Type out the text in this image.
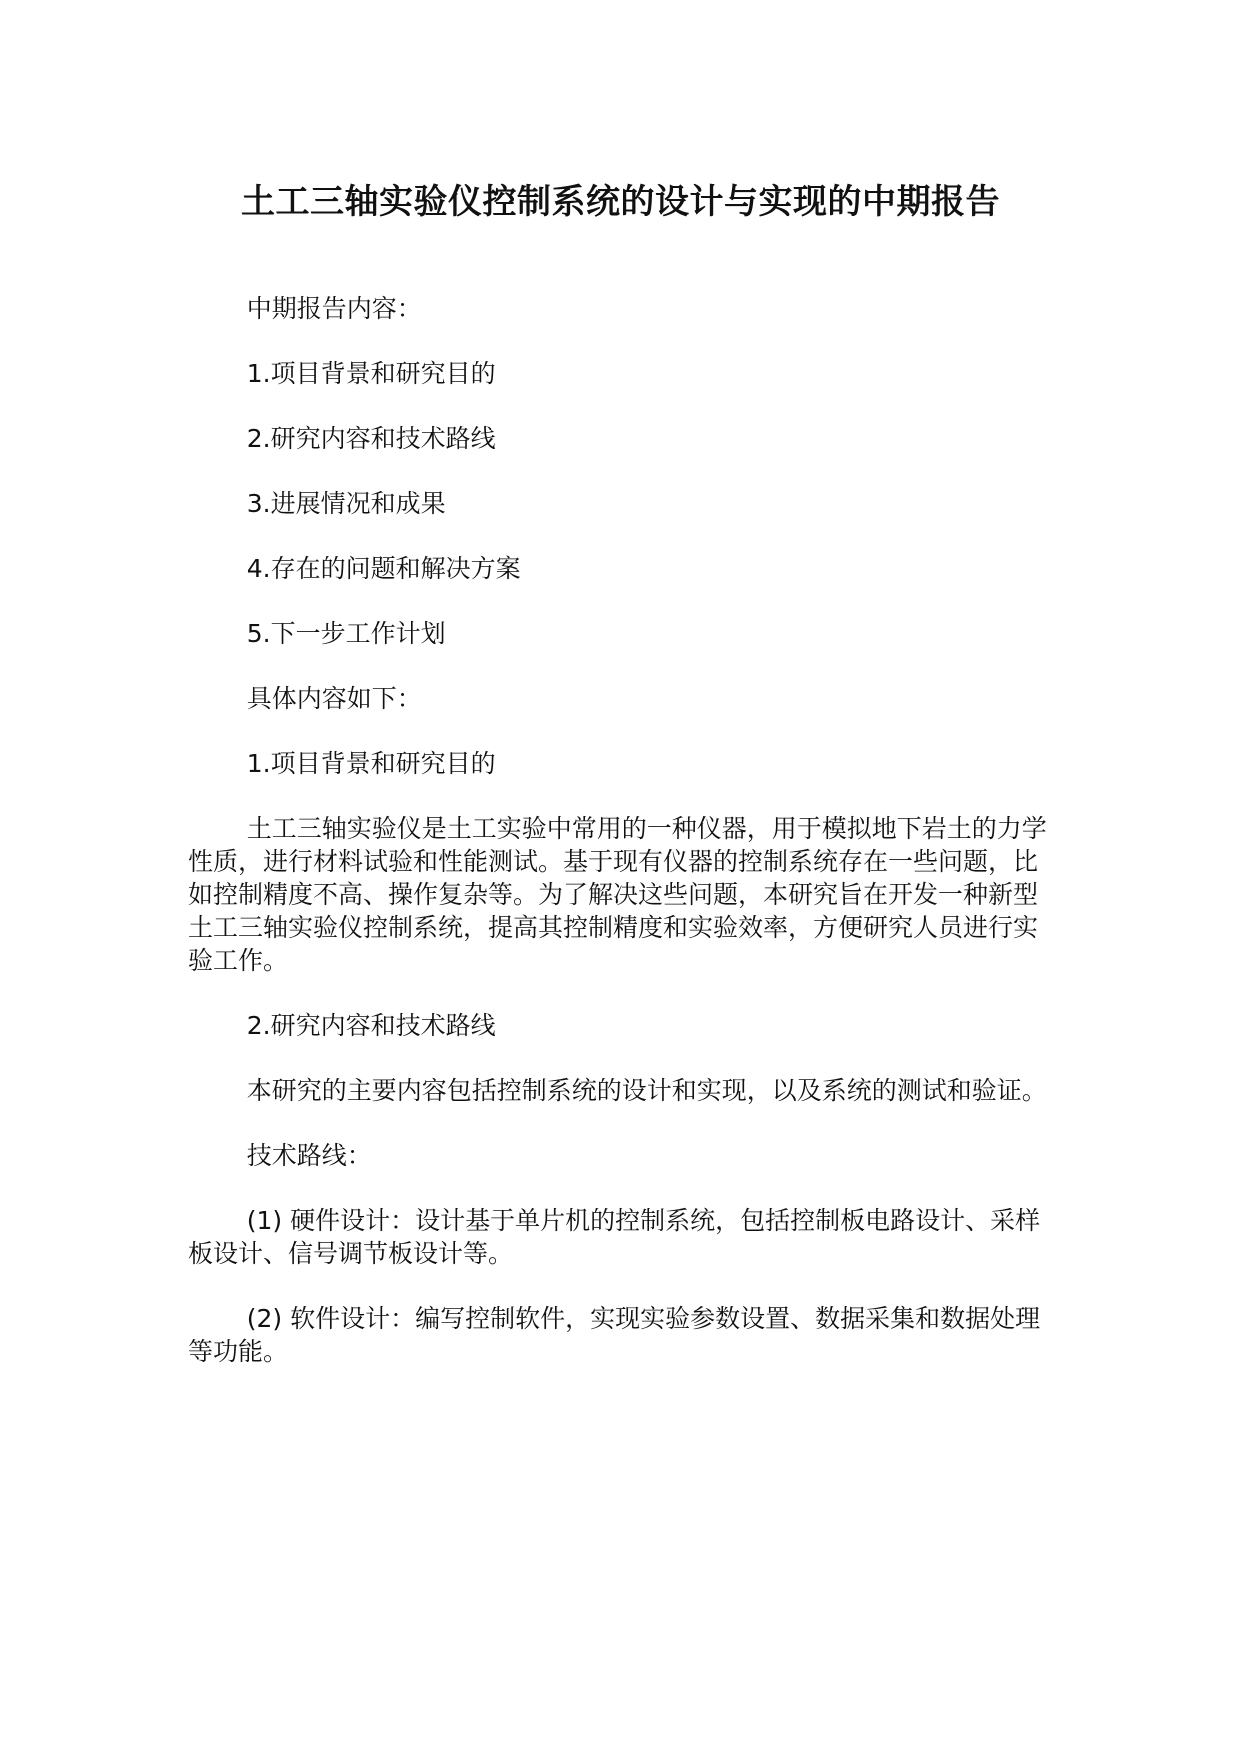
土工三轴实验仪控制系统的设计与实现的中期报告

中期报告内容：

1.项目背景和研究目的

2.研究内容和技术路线

3.进展情况和成果

4.存在的问题和解决方案

5.下一步工作计划

具体内容如下：

1.项目背景和研究目的

土工三轴实验仪是土工实验中常用的一种仪器，用于模拟地下岩土的力学性质，进行材料试验和性能测试。基于现有仪器的控制系统存在一些问题，比如控制精度不高、操作复杂等。为了解决这些问题，本研究旨在开发一种新型土工三轴实验仪控制系统，提高其控制精度和实验效率，方便研究人员进行实验工作。

2.研究内容和技术路线

本研究的主要内容包括控制系统的设计和实现，以及系统的测试和验证。

技术路线：

(1) 硬件设计：设计基于单片机的控制系统，包括控制板电路设计、采样板设计、信号调节板设计等。

(2) 软件设计：编写控制软件，实现实验参数设置、数据采集和数据处理等功能。
